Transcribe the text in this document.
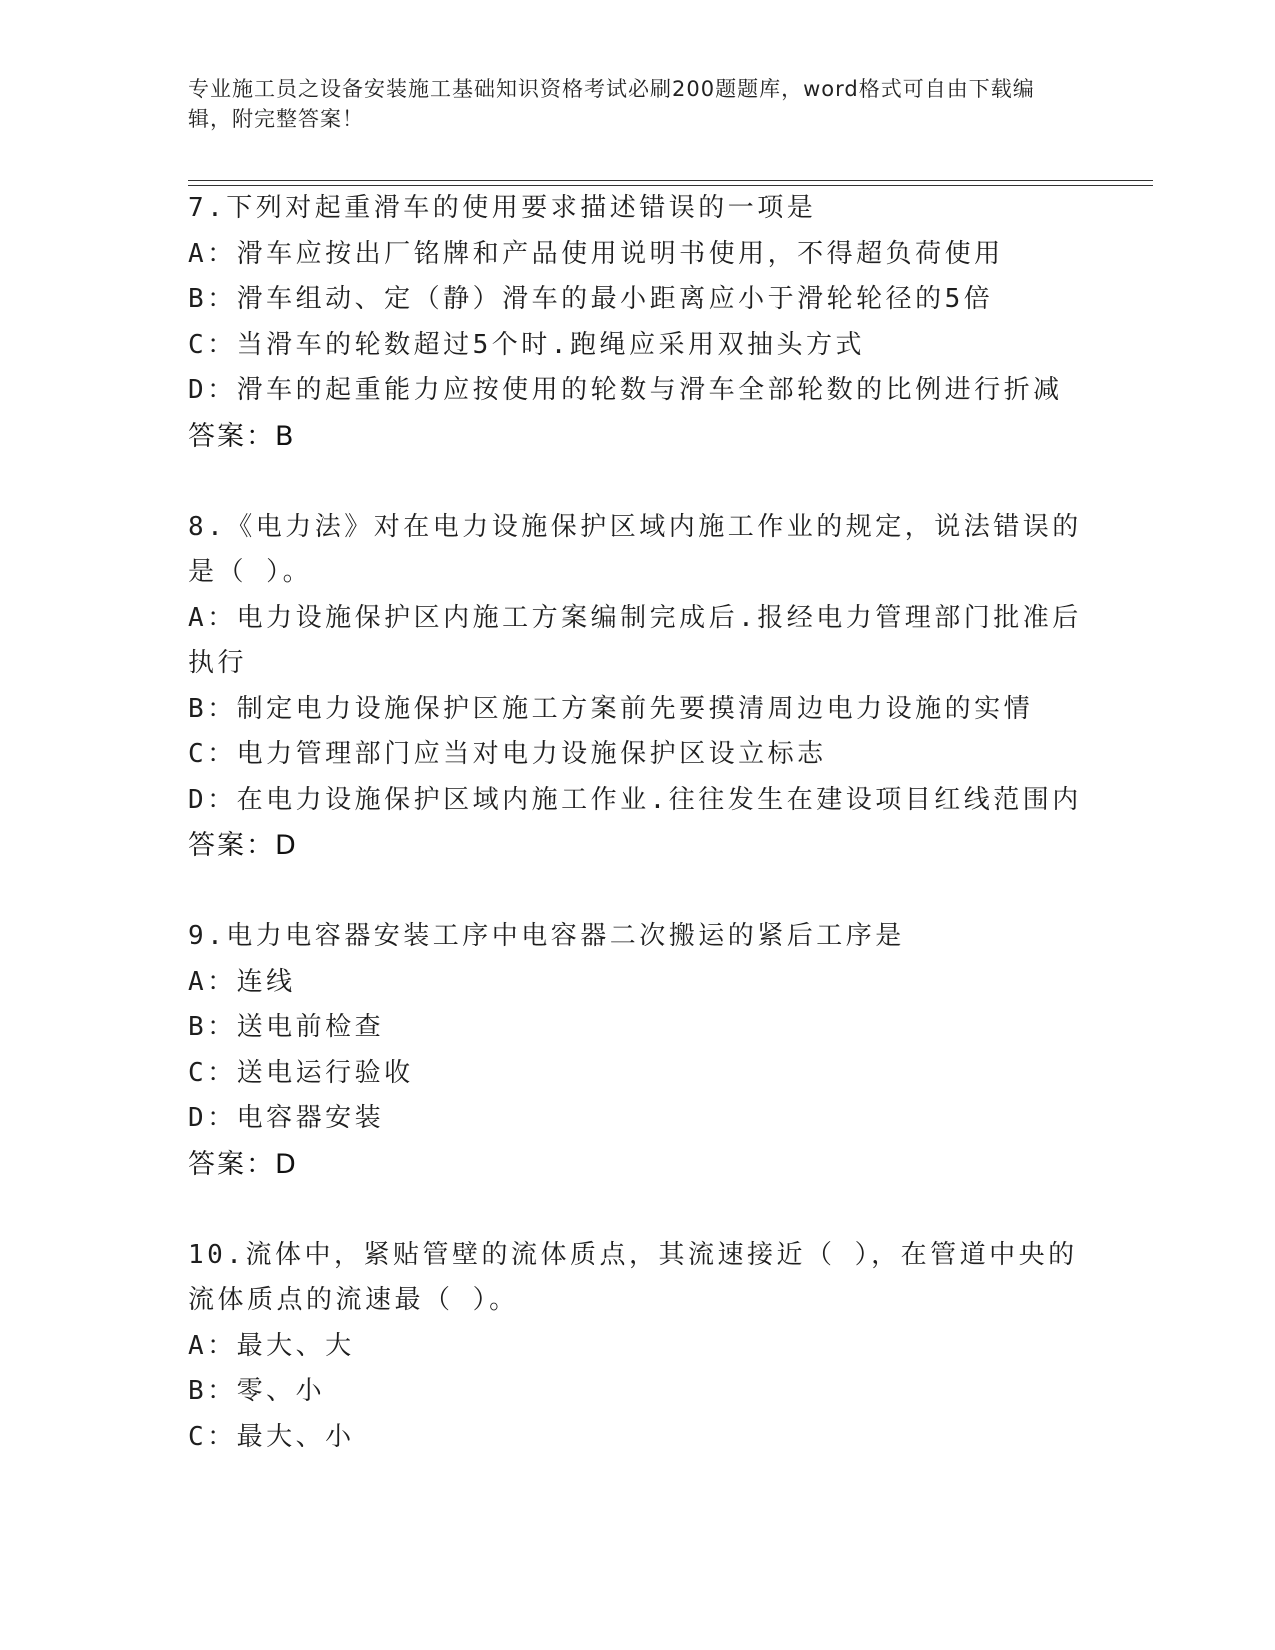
专业施工员之设备安装施工基础知识资格考试必刷200题题库，word格式可自由下载编辑，附完整答案！
7.下列对起重滑车的使用要求描述错误的一项是
A：滑车应按出厂铭牌和产品使用说明书使用，不得超负荷使用
B：滑车组动、定（静）滑车的最小距离应小于滑轮轮径的5倍
C：当滑车的轮数超过5个时.跑绳应采用双抽头方式
D：滑车的起重能力应按使用的轮数与滑车全部轮数的比例进行折减
答案：B
8.《电力法》对在电力设施保护区域内施工作业的规定，说法错误的是（ ）。
A：电力设施保护区内施工方案编制完成后.报经电力管理部门批准后执行
B：制定电力设施保护区施工方案前先要摸清周边电力设施的实情
C：电力管理部门应当对电力设施保护区设立标志
D：在电力设施保护区域内施工作业.往往发生在建设项目红线范围内
答案：D
9.电力电容器安装工序中电容器二次搬运的紧后工序是
A：连线
B：送电前检查
C：送电运行验收
D：电容器安装
答案：D
10.流体中，紧贴管壁的流体质点，其流速接近（ ），在管道中央的流体质点的流速最（ ）。
A：最大、大
B：零、小
C：最大、小
